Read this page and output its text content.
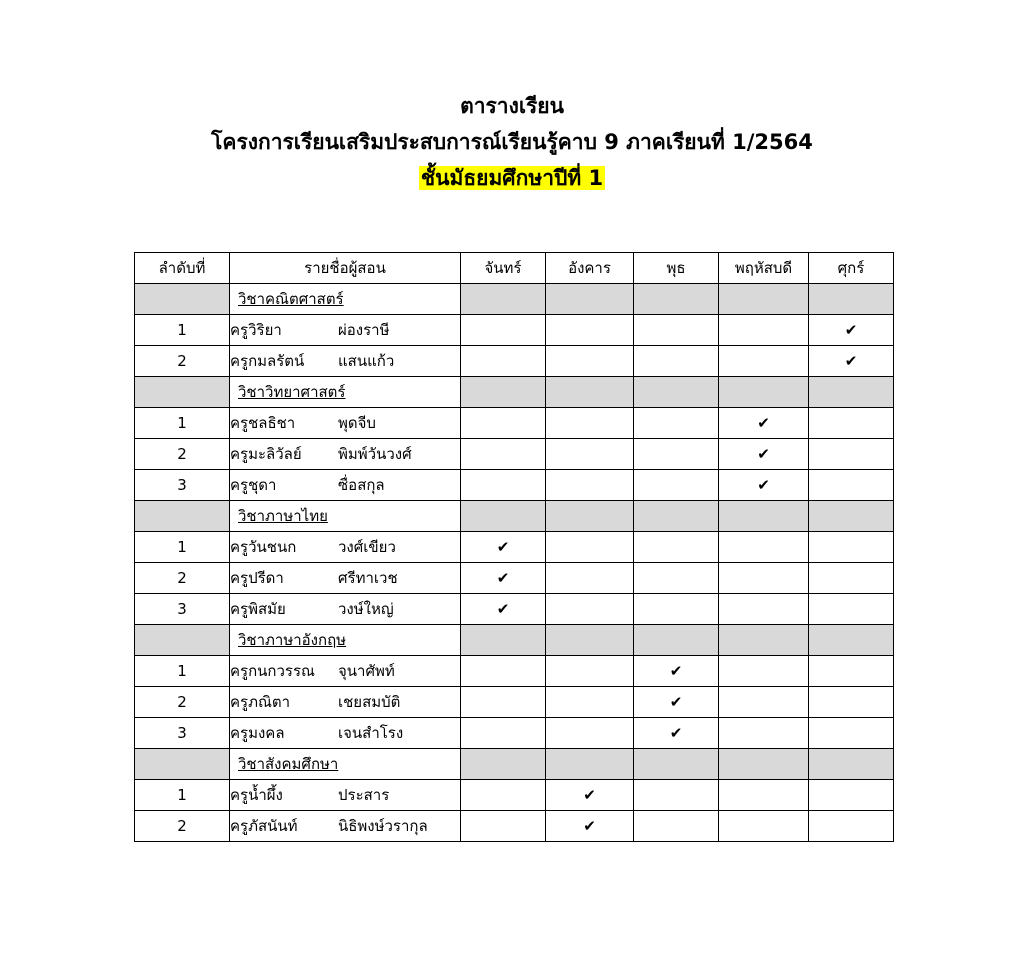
ตารางเรียน
โครงการเรียนเสริมประสบการณ์เรียนรู้คาบ 9 ภาคเรียนที่ 1/2564
ชั้นมัธยมศึกษาปีที่ 1
ลำดับที่	รายชื่อผู้สอน	จันทร์	อังคาร	พุธ	พฤหัสบดี	ศุกร์
	วิชาคณิตศาสตร์					
1	ครูวิริยา ผ่องราษี					✔
2	ครูกมลรัตน์ แสนแก้ว					✔
	วิชาวิทยาศาสตร์					
1	ครูชลธิชา พุดจีบ				✔	
2	ครูมะลิวัลย์ พิมพ์วันวงศ์				✔	
3	ครูชุดา ซื่อสกุล				✔	
	วิชาภาษาไทย					
1	ครูวันชนก วงศ์เขียว	✔				
2	ครูปรีดา ศรีทาเวช	✔				
3	ครูพิสมัย วงษ์ใหญ่	✔				
	วิชาภาษาอังกฤษ					
1	ครูกนกวรรณ จุนาศัพท์			✔		
2	ครูภณิตา เชยสมบัติ			✔		
3	ครูมงคล เจนสำโรง			✔		
	วิชาสังคมศึกษา					
1	ครูน้ำผึ้ง ประสาร		✔			
2	ครูภัสนันท์ นิธิพงษ์วรากุล		✔			
